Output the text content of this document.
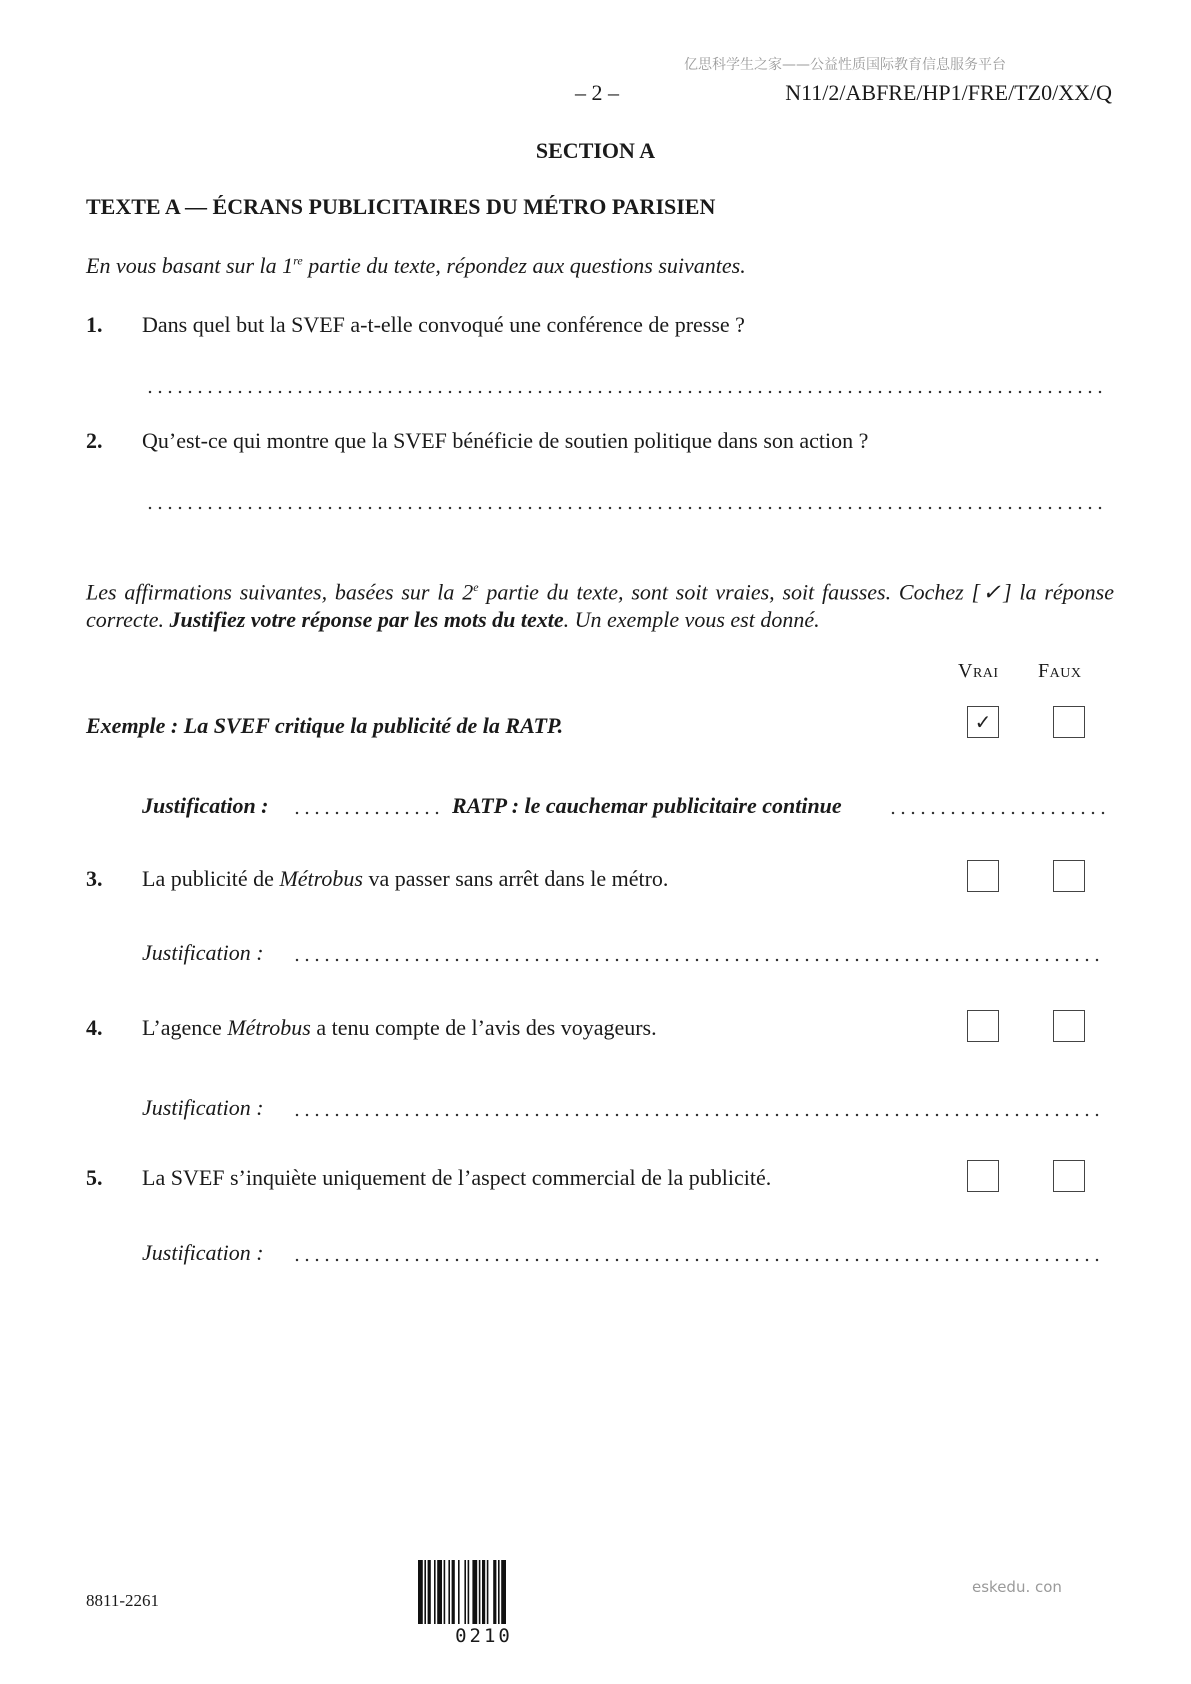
亿思科学生之家——公益性质国际教育信息服务平台
– 2 –	N11/2/ABFRE/HP1/FRE/TZ0/XX/Q
SECTION A
TEXTE A — ÉCRANS PUBLICITAIRES DU MÉTRO PARISIEN
En vous basant sur la 1re partie du texte, répondez aux questions suivantes.
1. Dans quel but la SVEF a-t-elle convoqué une conférence de presse ?
2. Qu’est-ce qui montre que la SVEF bénéficie de soutien politique dans son action ?
Les affirmations suivantes, basées sur la 2e partie du texte, sont soit vraies, soit fausses. Cochez [✓] la réponse correcte. Justifiez votre réponse par les mots du texte. Un exemple vous est donné.
Vrai Faux
Exemple : La SVEF critique la publicité de la RATP.	✓
Justification :	RATP : le cauchemar publicitaire continue
3. La publicité de Métrobus va passer sans arrêt dans le métro.
Justification :
4. L’agence Métrobus a tenu compte de l’avis des voyageurs.
Justification :
5. La SVEF s’inquiète uniquement de l’aspect commercial de la publicité.
Justification :
8811-2261
0210
eskedu. con
